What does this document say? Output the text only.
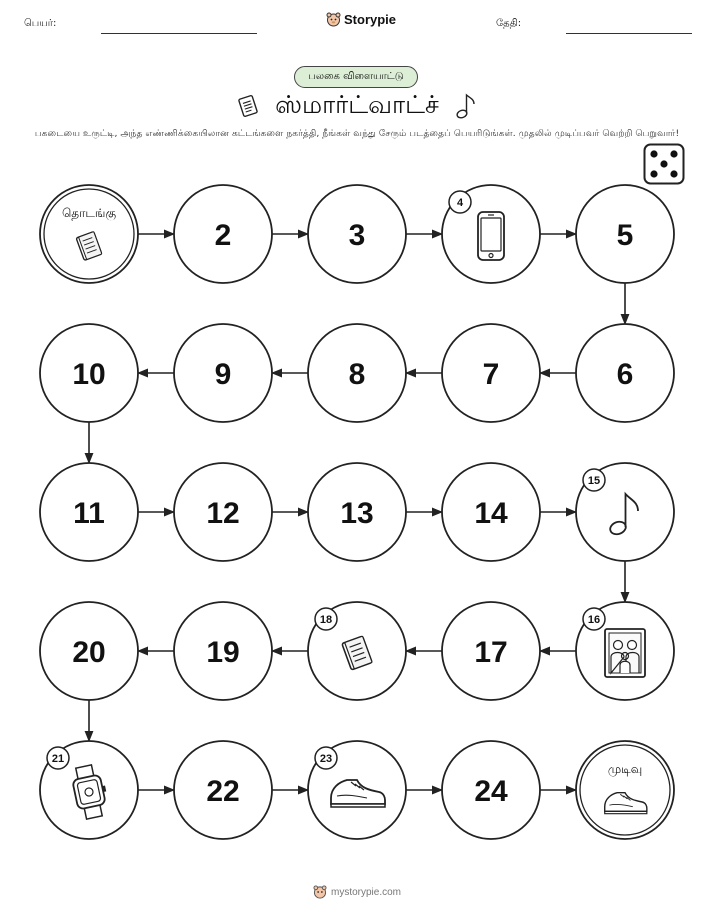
பெயர்:	Storypie	தேதி:
பலகை விளையாட்டு
ஸ்மார்ட்வாட்ச்
பகடையை உருட்டி, அந்த எண்ணிக்கையிலான கட்டங்களை நகர்த்தி, நீங்கள் வந்து சேரும் படத்தைப் பெயரிடுங்கள். முதலில் முடிப்பவர் வெற்றி பெறுவார்!
தொடங்கு
2	3
4
5
6
7
8
9
10
11	12	13	14
15
16
17
18
19
20
21
22
23
24
முடிவு
mystorypie.com
